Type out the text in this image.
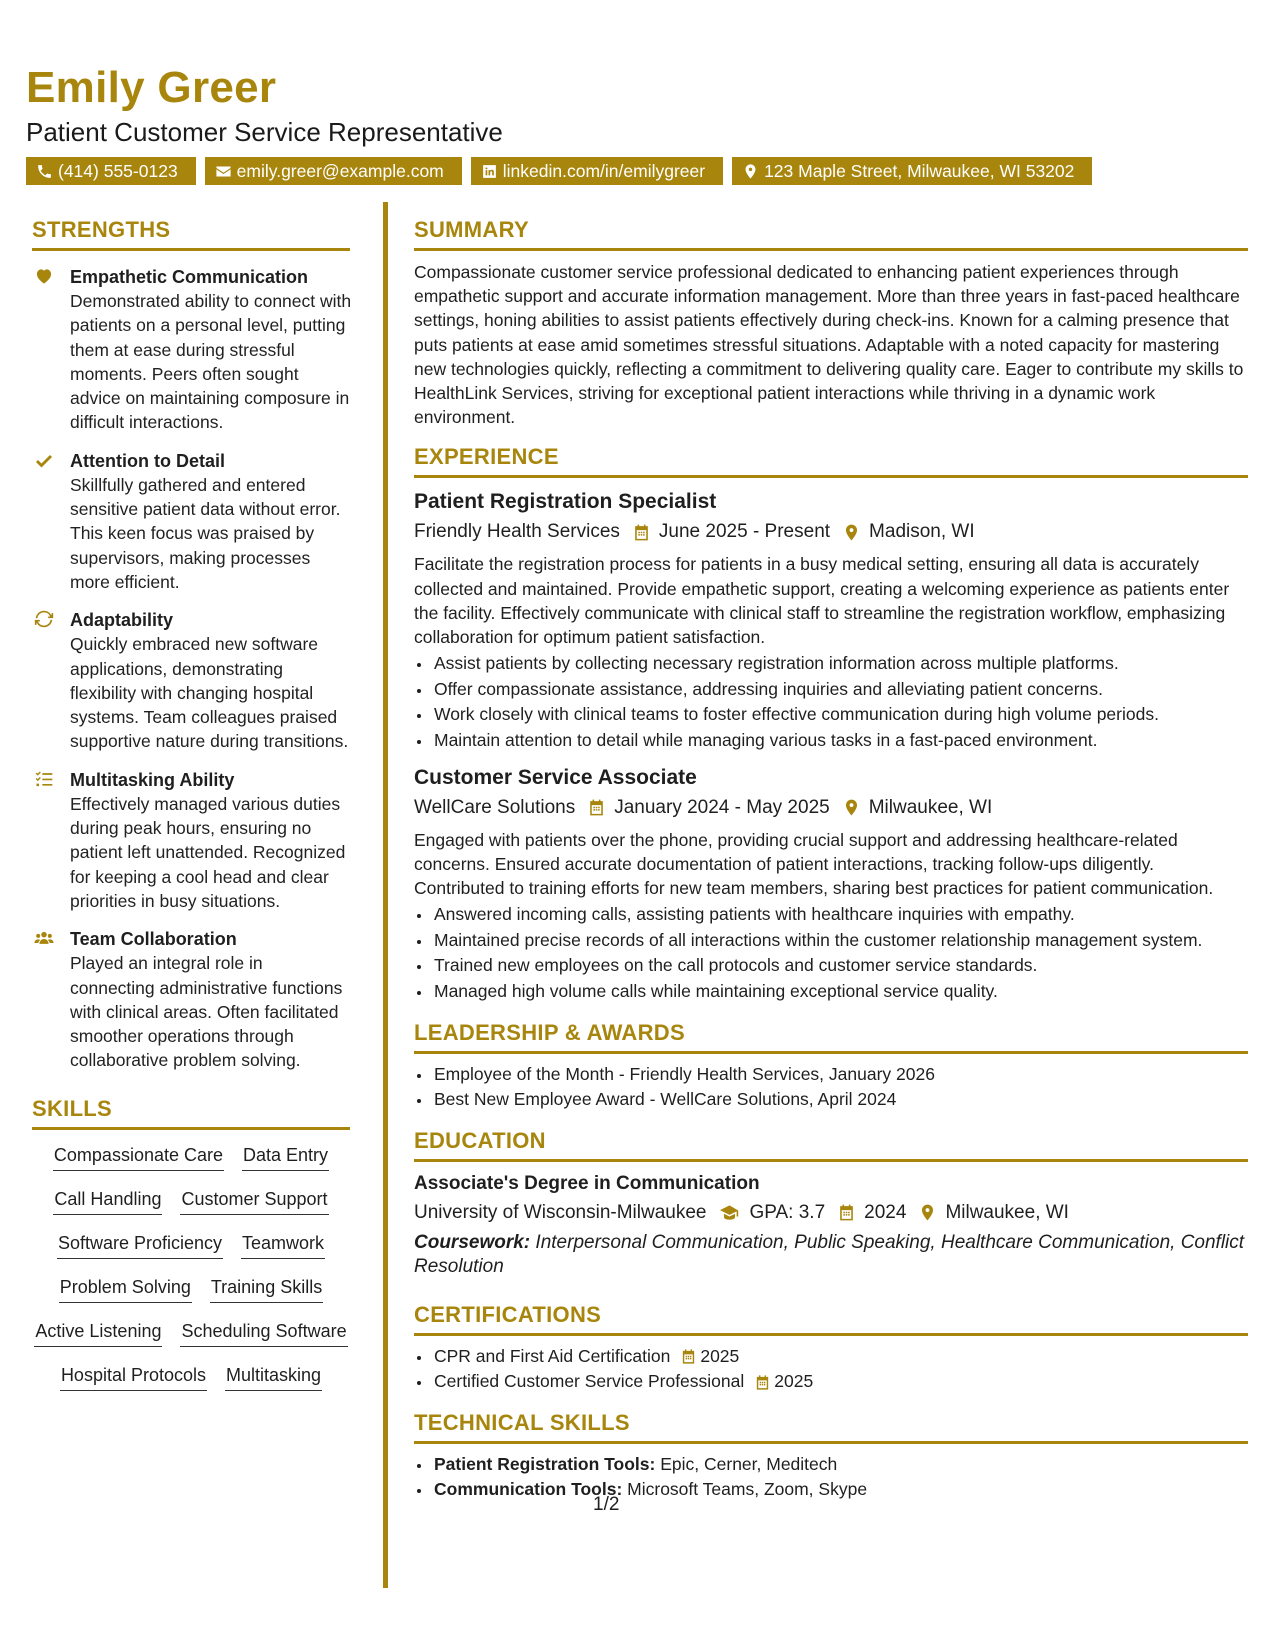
Emily Greer
Patient Customer Service Representative
(414) 555-0123	emily.greer@example.com	linkedin.com/in/emilygreer	123 Maple Street, Milwaukee, WI 53202
STRENGTHS
Empathetic Communication
Demonstrated ability to connect with patients on a personal level, putting them at ease during stressful moments. Peers often sought advice on maintaining composure in difficult interactions.
Attention to Detail
Skillfully gathered and entered sensitive patient data without error. This keen focus was praised by supervisors, making processes more efficient.
Adaptability
Quickly embraced new software applications, demonstrating flexibility with changing hospital systems. Team colleagues praised supportive nature during transitions.
Multitasking Ability
Effectively managed various duties during peak hours, ensuring no patient left unattended. Recognized for keeping a cool head and clear priorities in busy situations.
Team Collaboration
Played an integral role in connecting administrative functions with clinical areas. Often facilitated smoother operations through collaborative problem solving.
SKILLS
Compassionate Care Data Entry
Call Handling Customer Support
Software Proficiency Teamwork
Problem Solving Training Skills
Active Listening Scheduling Software
Hospital Protocols Multitasking
SUMMARY
Compassionate customer service professional dedicated to enhancing patient experiences through empathetic support and accurate information management. More than three years in fast-paced healthcare settings, honing abilities to assist patients effectively during check-ins. Known for a calming presence that puts patients at ease amid sometimes stressful situations. Adaptable with a noted capacity for mastering new technologies quickly, reflecting a commitment to delivering quality care. Eager to contribute my skills to HealthLink Services, striving for exceptional patient interactions while thriving in a dynamic work environment.
EXPERIENCE
Patient Registration Specialist
Friendly Health Services June 2025 - Present Madison, WI
Facilitate the registration process for patients in a busy medical setting, ensuring all data is accurately collected and maintained. Provide empathetic support, creating a welcoming experience as patients enter the facility. Effectively communicate with clinical staff to streamline the registration workflow, emphasizing collaboration for optimum patient satisfaction.
• Assist patients by collecting necessary registration information across multiple platforms.
• Offer compassionate assistance, addressing inquiries and alleviating patient concerns.
• Work closely with clinical teams to foster effective communication during high volume periods.
• Maintain attention to detail while managing various tasks in a fast-paced environment.
Customer Service Associate
WellCare Solutions January 2024 - May 2025 Milwaukee, WI
Engaged with patients over the phone, providing crucial support and addressing healthcare-related concerns. Ensured accurate documentation of patient interactions, tracking follow-ups diligently. Contributed to training efforts for new team members, sharing best practices for patient communication.
• Answered incoming calls, assisting patients with healthcare inquiries with empathy.
• Maintained precise records of all interactions within the customer relationship management system.
• Trained new employees on the call protocols and customer service standards.
• Managed high volume calls while maintaining exceptional service quality.
LEADERSHIP & AWARDS
• Employee of the Month - Friendly Health Services, January 2026
• Best New Employee Award - WellCare Solutions, April 2024
EDUCATION
Associate's Degree in Communication
University of Wisconsin-Milwaukee GPA: 3.7 2024 Milwaukee, WI
Coursework: Interpersonal Communication, Public Speaking, Healthcare Communication, Conflict Resolution
CERTIFICATIONS
• CPR and First Aid Certification 2025
• Certified Customer Service Professional 2025
TECHNICAL SKILLS
• Patient Registration Tools: Epic, Cerner, Meditech
• Communication Tools: Microsoft Teams, Zoom, Skype
1/2
